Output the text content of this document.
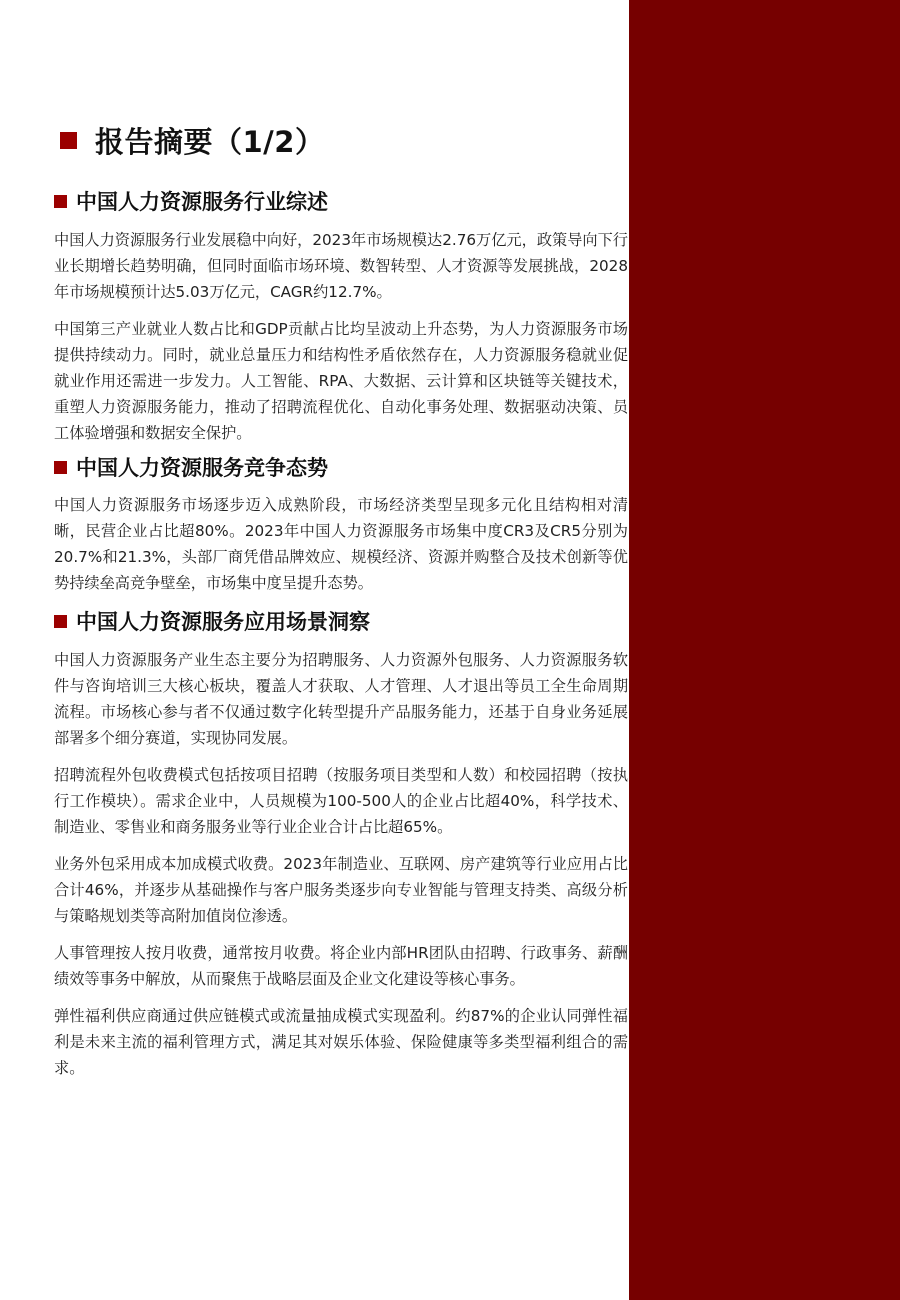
报告摘要（1/2）
中国人力资源服务行业综述

中国人力资源服务行业发展稳中向好，2023年市场规模达2.76万亿元，政策导向下行业长期增长趋势明确，但同时面临市场环境、数智转型、人才资源等发展挑战，2028年市场规模预计达5.03万亿元，CAGR约12.7%。

中国第三产业就业人数占比和GDP贡献占比均呈波动上升态势，为人力资源服务市场提供持续动力。同时，就业总量压力和结构性矛盾依然存在，人力资源服务稳就业促就业作用还需进一步发力。人工智能、RPA、大数据、云计算和区块链等关键技术，重塑人力资源服务能力，推动了招聘流程优化、自动化事务处理、数据驱动决策、员工体验增强和数据安全保护。

中国人力资源服务竞争态势

中国人力资源服务市场逐步迈入成熟阶段，市场经济类型呈现多元化且结构相对清晰，民营企业占比超80%。2023年中国人力资源服务市场集中度CR3及CR5分别为20.7%和21.3%，头部厂商凭借品牌效应、规模经济、资源并购整合及技术创新等优势持续垒高竞争壁垒，市场集中度呈提升态势。

中国人力资源服务应用场景洞察

中国人力资源服务产业生态主要分为招聘服务、人力资源外包服务、人力资源服务软件与咨询培训三大核心板块，覆盖人才获取、人才管理、人才退出等员工全生命周期流程。市场核心参与者不仅通过数字化转型提升产品服务能力，还基于自身业务延展部署多个细分赛道，实现协同发展。

招聘流程外包收费模式包括按项目招聘（按服务项目类型和人数）和校园招聘（按执行工作模块）。需求企业中，人员规模为100-500人的企业占比超40%，科学技术、制造业、零售业和商务服务业等行业企业合计占比超65%。

业务外包采用成本加成模式收费。2023年制造业、互联网、房产建筑等行业应用占比合计46%，并逐步从基础操作与客户服务类逐步向专业智能与管理支持类、高级分析与策略规划类等高附加值岗位渗透。

人事管理按人按月收费，通常按月收费。将企业内部HR团队由招聘、行政事务、薪酬绩效等事务中解放，从而聚焦于战略层面及企业文化建设等核心事务。

弹性福利供应商通过供应链模式或流量抽成模式实现盈利。约87%的企业认同弹性福利是未来主流的福利管理方式，满足其对娱乐体验、保险健康等多类型福利组合的需求。
